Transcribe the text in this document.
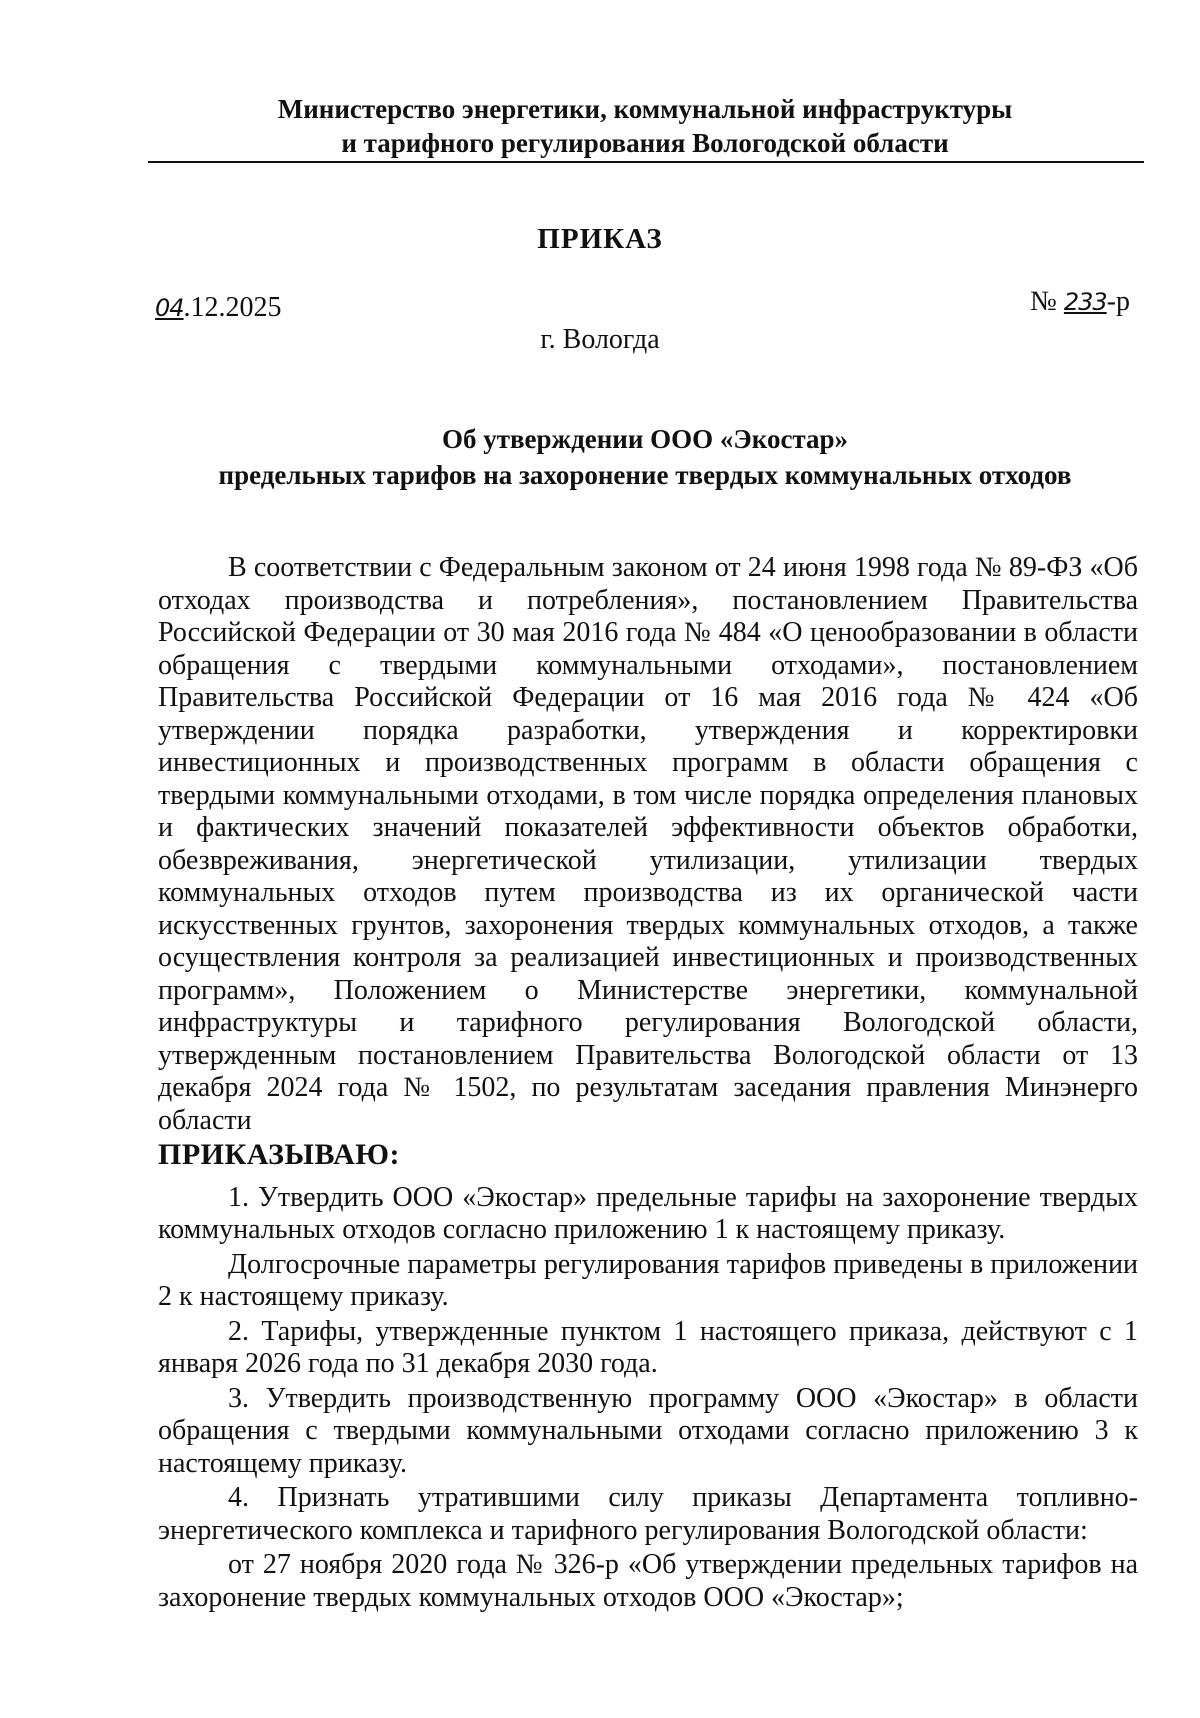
Министерство энергетики, коммунальной инфраструктуры
и тарифного регулирования Вологодской области
ПРИКАЗ
04.12.2025	№ 233-р
г. Вологда
Об утверждении ООО «Экостар»
предельных тарифов на захоронение твердых коммунальных отходов

В соответствии с Федеральным законом от 24 июня 1998 года № 89-ФЗ «Об отходах производства и потребления», постановлением Правительства Российской Федерации от 30 мая 2016 года № 484 «О ценообразовании в области обращения с твердыми коммунальными отходами», постановлением Правительства Российской Федерации от 16 мая 2016 года № 424 «Об утверждении порядка разработки, утверждения и корректировки инвестиционных и производственных программ в области обращения с твердыми коммунальными отходами, в том числе порядка определения плановых и фактических значений показателей эффективности объектов обработки, обезвреживания, энергетической утилизации, утилизации твердых коммунальных отходов путем производства из их органической части искусственных грунтов, захоронения твердых коммунальных отходов, а также осуществления контроля за реализацией инвестиционных и производственных программ», Положением о Министерстве энергетики, коммунальной инфраструктуры и тарифного регулирования Вологодской области, утвержденным постановлением Правительства Вологодской области от 13 декабря 2024 года № 1502, по результатам заседания правления Минэнерго области

ПРИКАЗЫВАЮ:

1. Утвердить ООО «Экостар» предельные тарифы на захоронение твердых коммунальных отходов согласно приложению 1 к настоящему приказу.

Долгосрочные параметры регулирования тарифов приведены в приложении 2 к настоящему приказу.

2. Тарифы, утвержденные пунктом 1 настоящего приказа, действуют с 1 января 2026 года по 31 декабря 2030 года.

3. Утвердить производственную программу ООО «Экостар» в области обращения с твердыми коммунальными отходами согласно приложению 3 к настоящему приказу.

4. Признать утратившими силу приказы Департамента топливно-энергетического комплекса и тарифного регулирования Вологодской области:

от 27 ноября 2020 года № 326-р «Об утверждении предельных тарифов на захоронение твердых коммунальных отходов ООО «Экостар»;
